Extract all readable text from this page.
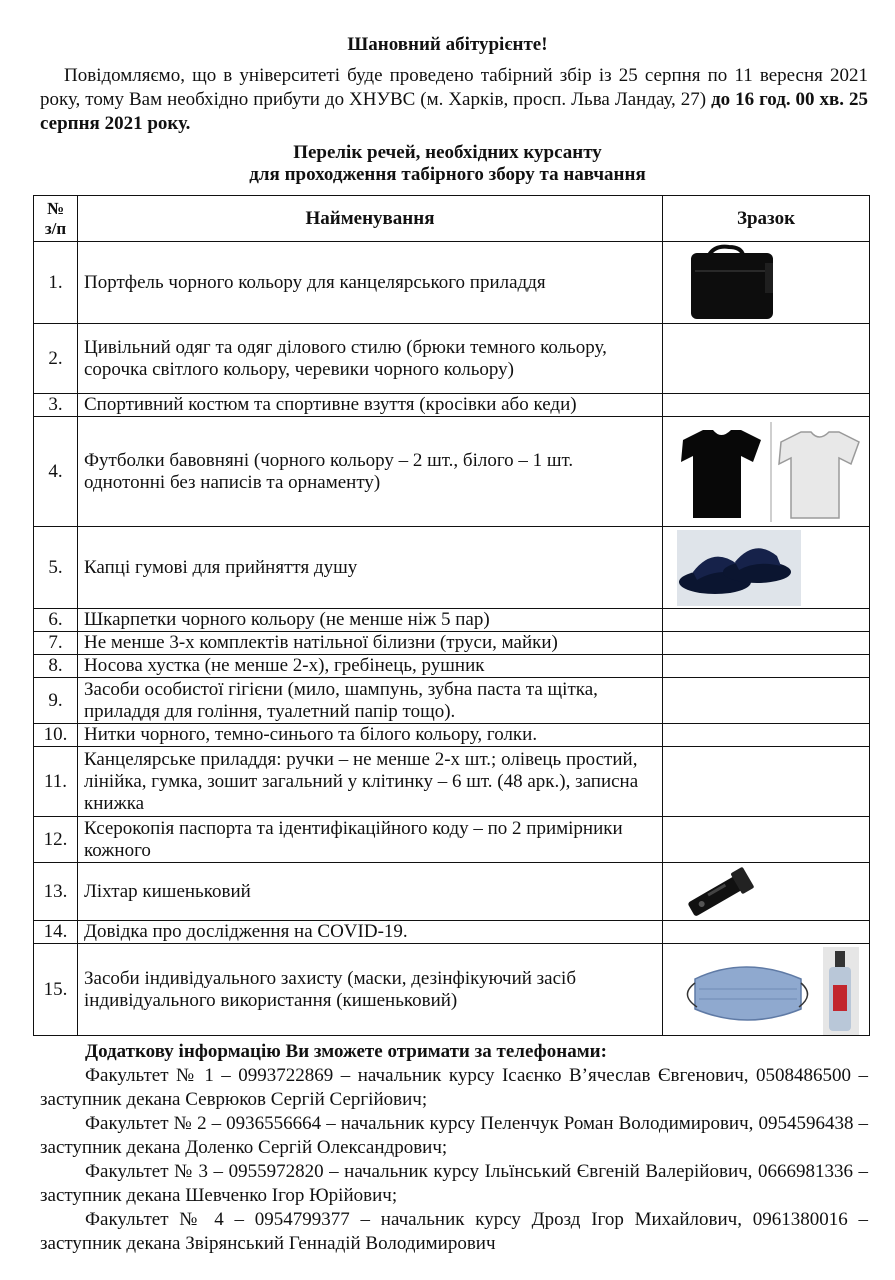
Шановний абітурієнте!
Повідомляємо, що в університеті буде проведено табірний збір із 25 серпня по 11 вересня 2021 року, тому Вам необхідно прибути до ХНУВС (м. Харків, просп. Льва Ландау, 27) до 16 год. 00 хв. 25 серпня 2021 року.
Перелік речей, необхідних курсанту
для проходження табірного збору та навчання
№ з/п	Найменування	Зразок
1.	Портфель чорного кольору для канцелярського приладдя	

2.	Цивільний одяг та одяг ділового стилю (брюки темного кольору, сорочка світлого кольору, черевики чорного кольору)	
3.	Спортивний костюм та спортивне взуття (кросівки або кеди)	
4.	Футболки бавовняні (чорного кольору – 2 шт., білого – 1 шт. однотонні без написів та орнаменту)	

5.	Капці гумові для прийняття душу	

6.	Шкарпетки чорного кольору (не менше ніж 5 пар)	
7.	Не менше 3-х комплектів натільної білизни (труси, майки)	
8.	Носова хустка (не менше 2-х), гребінець, рушник	
9.	Засоби особистої гігієни (мило, шампунь, зубна паста та щітка, приладдя для гоління, туалетний папір тощо).	
10.	Нитки чорного, темно-синього та білого кольору, голки.	
11.	Канцелярське приладдя: ручки – не менше 2-х шт.; олівець простий, лінійка, гумка, зошит загальний у клітинку – 6 шт. (48 арк.), записна книжка	
12.	Ксерокопія паспорта та ідентифікаційного коду – по 2 примірники кожного	
13.	Ліхтар кишеньковий	

14.	Довідка про дослідження на COVID-19.	
15.	Засоби індивідуального захисту (маски, дезінфікуючий засіб індивідуального використання (кишеньковий)	
Додаткову інформацію Ви зможете отримати за телефонами:

Факультет № 1 – 0993722869 – начальник курсу Ісаєнко В’ячеслав Євгенович, 0508486500 – заступник декана Севрюков Сергій Сергійович;

Факультет № 2 – 0936556664 – начальник курсу Пеленчук Роман Володимирович, 0954596438 – заступник декана Доленко Сергій Олександрович;

Факультет № 3 – 0955972820 – начальник курсу Ільїнський Євгеній Валерійович, 0666981336 – заступник декана Шевченко Ігор Юрійович;

Факультет № 4 – 0954799377 – начальник курсу Дрозд Ігор Михайлович, 0961380016 – заступник декана Звірянський Геннадій Володимирович
